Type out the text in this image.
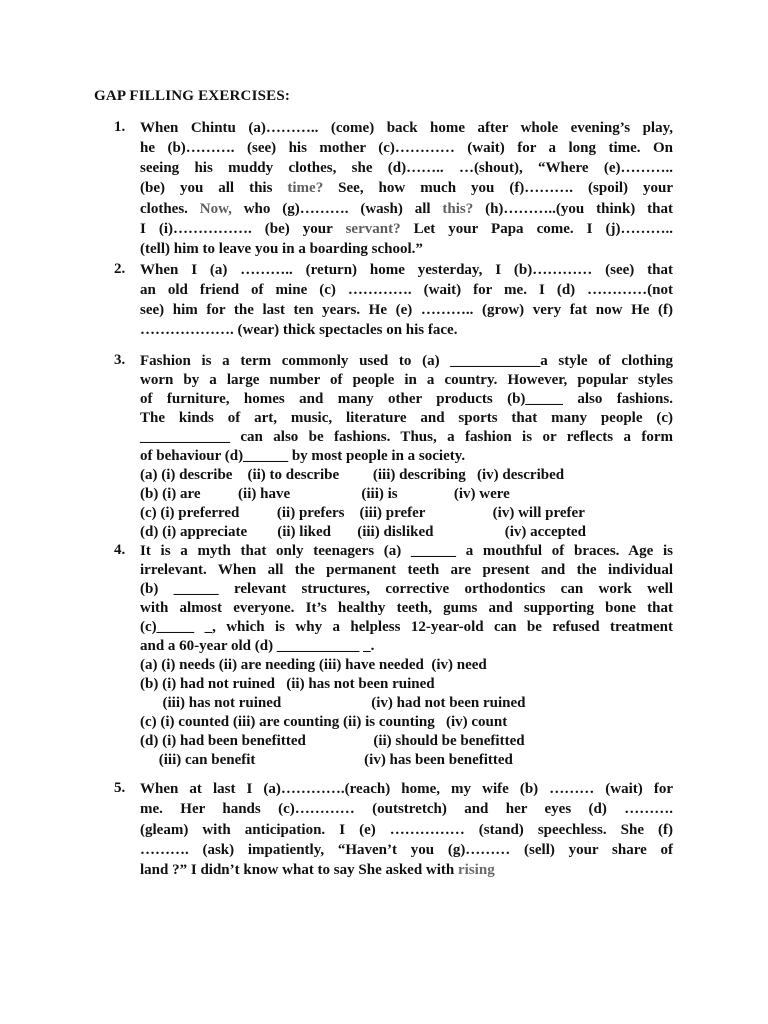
GAP FILLING EXERCISES:
1. When Chintu (a)……….. (come) back home after whole evening’s play,
he (b)………. (see) his mother (c)………… (wait) for a long time. On
seeing his muddy clothes, she (d)…….. …(shout), “Where (e)………..
(be) you all this time? See, how much you (f)………. (spoil) your
clothes. Now, who (g)………. (wash) all this? (h)………..(you think) that
I (i)……………. (be) your servant? Let your Papa come. I (j)………..
(tell) him to leave you in a boarding school.”
2. When I (a) ……….. (return) home yesterday, I (b)………… (see) that
an old friend of mine (c) …………. (wait) for me. I (d) …………(not
see) him for the last ten years. He (e) ……….. (grow) very fat now He (f)
………………. (wear) thick spectacles on his face.
3. Fashion is a term commonly used to (a) ____________a style of clothing
worn by a large number of people in a country. However, popular styles
of furniture, homes and many other products (b)_____ also fashions.
The kinds of art, music, literature and sports that many people (c)
____________ can also be fashions. Thus, a fashion is or reflects a form
of behaviour (d)______ by most people in a society.
(a) (i) describe    (ii) to describe         (iii) describing   (iv) described
(b) (i) are          (ii) have                   (iii) is               (iv) were
(c) (i) preferred          (ii) prefers    (iii) prefer                  (iv) will prefer
(d) (i) appreciate        (ii) liked       (iii) disliked                   (iv) accepted
4. It is a myth that only teenagers (a) ______ a mouthful of braces. Age is
irrelevant. When all the permanent teeth are present and the individual
(b) ______ relevant structures, corrective orthodontics can work well
with almost everyone. It’s healthy teeth, gums and supporting bone that
(c)_____ _, which is why a helpless 12-year-old can be refused treatment
and a 60-year old (d) ___________ _.
(a) (i) needs (ii) are needing (iii) have needed  (iv) need
(b) (i) had not ruined   (ii) has not been ruined
(iii) has not ruined                        (iv) had not been ruined
(c) (i) counted (iii) are counting (ii) is counting   (iv) count
(d) (i) had been benefitted                  (ii) should be benefitted
(iii) can benefit                             (iv) has been benefitted
5. When at last I (a)………….(reach) home, my wife (b) ……… (wait) for
me. Her hands (c)………… (outstretch) and her eyes (d) ……….
(gleam) with anticipation. I (e) …………… (stand) speechless. She (f)
………. (ask) impatiently, “Haven’t you (g)……… (sell) your share of
land ?” I didn’t know what to say She asked with rising
